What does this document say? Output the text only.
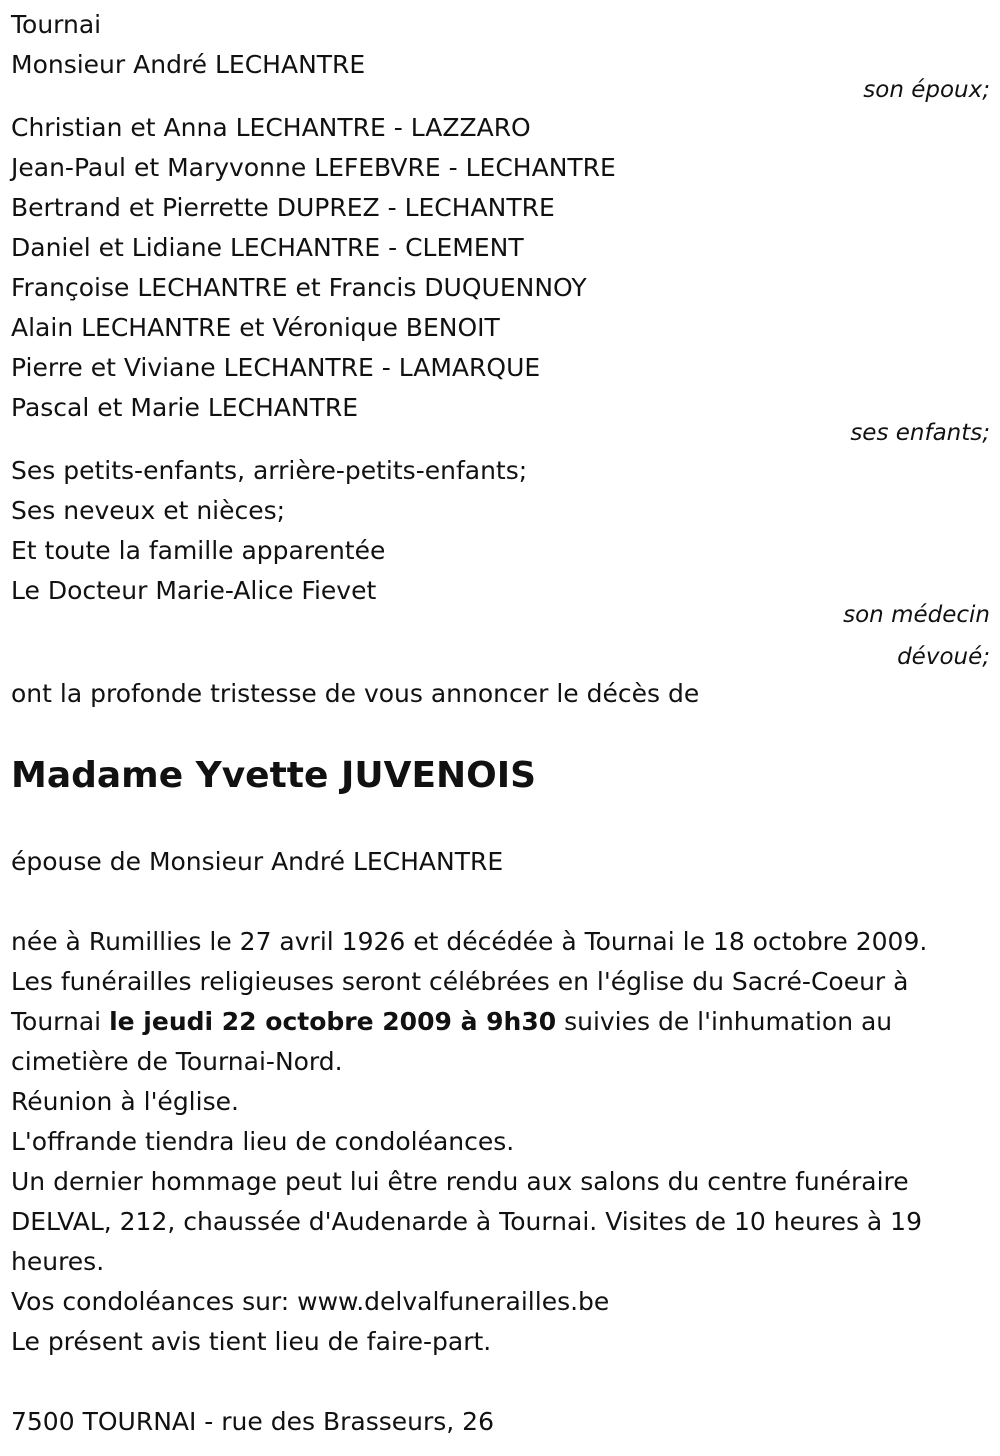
Tournai
Monsieur André LECHANTRE
son époux;
Christian et Anna LECHANTRE - LAZZARO
Jean-Paul et Maryvonne LEFEBVRE - LECHANTRE
Bertrand et Pierrette DUPREZ - LECHANTRE
Daniel et Lidiane LECHANTRE - CLEMENT
Françoise LECHANTRE et Francis DUQUENNOY
Alain LECHANTRE et Véronique BENOIT
Pierre et Viviane LECHANTRE - LAMARQUE
Pascal et Marie LECHANTRE
ses enfants;
Ses petits-enfants, arrière-petits-enfants;
Ses neveux et nièces;
Et toute la famille apparentée
Le Docteur Marie-Alice Fievet
son médecin
dévoué;
ont la profonde tristesse de vous annoncer le décès de
Madame Yvette JUVENOIS
épouse de Monsieur André LECHANTRE
née à Rumillies le 27 avril 1926 et décédée à Tournai le 18 octobre 2009.
Les funérailles religieuses seront célébrées en l'église du Sacré-Coeur à
Tournai le jeudi 22 octobre 2009 à 9h30 suivies de l'inhumation au
cimetière de Tournai-Nord.
Réunion à l'église.
L'offrande tiendra lieu de condoléances.
Un dernier hommage peut lui être rendu aux salons du centre funéraire
DELVAL, 212, chaussée d'Audenarde à Tournai. Visites de 10 heures à 19
heures.
Vos condoléances sur: www.delvalfunerailles.be
Le présent avis tient lieu de faire-part.
7500 TOURNAI - rue des Brasseurs, 26
